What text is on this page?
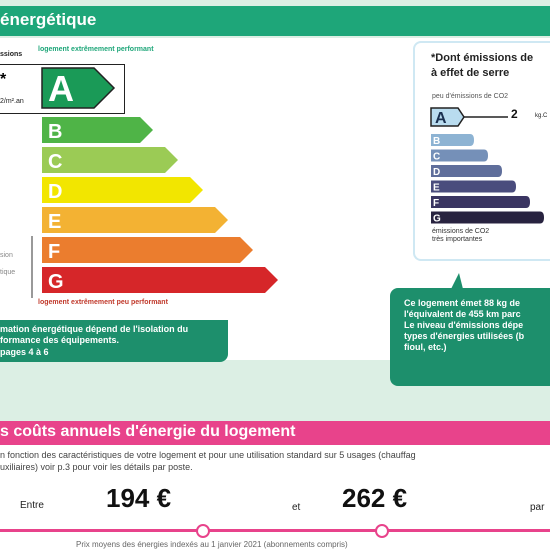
énergétique
ssions
*
2/m².an
logement extrêmement performant
logement extrêmement peu performant
sion
tique
A
B
C
D
E
F
G
*Dont émissions de
à effet de serre
peu d'émissions de CO2
A
B
C
D
E
F
G
2	kg.C
émissions de CO2
très importantes
mation énergétique dépend de l'isolation du
formance des équipements.
pages 4 à 6
Ce logement émet 88 kg de
l'équivalent de 455 km parc
Le niveau d'émissions dépe
types d'énergies utilisées (b
fioul, etc.)
s coûts annuels d'énergie du logement
n fonction des caractéristiques de votre logement et pour une utilisation standard sur 5 usages (chauffag
uxiliaires) voir p.3 pour voir les détails par poste.
Entre 194 €	et 262 €	par
Prix moyens des énergies indexés au 1 janvier 2021 (abonnements compris)
